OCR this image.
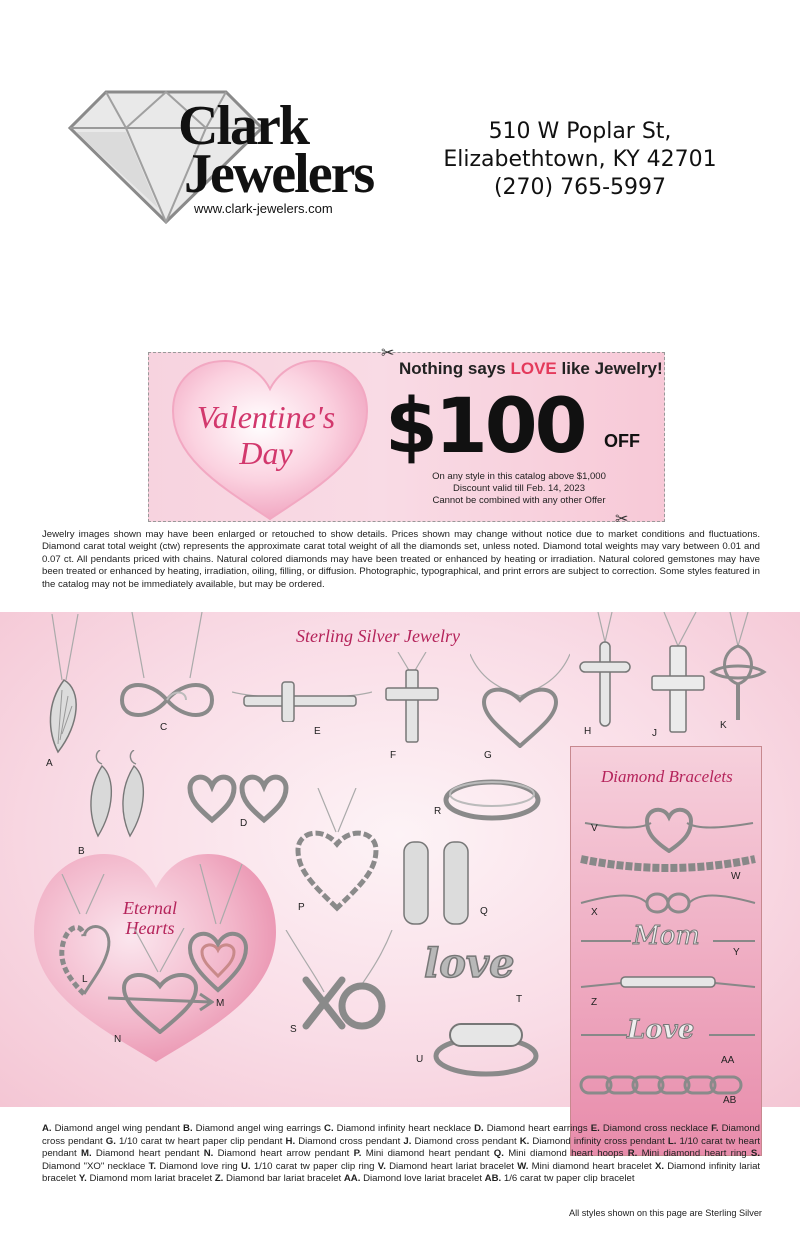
Clark
Jewelers
www.clark-jewelers.com
510 W Poplar St,
Elizabethtown, KY 42701
(270) 765-5997
Valentine's
Day
Nothing says LOVE like Jewelry!
$100 OFF
On any style in this catalog above $1,000
Discount valid till Feb. 14, 2023
Cannot be combined with any other Offer
✂
✂
Jewelry images shown may have been enlarged or retouched to show details. Prices shown may change without notice due to market conditions and fluctuations. Diamond carat total weight (ctw) represents the approximate carat total weight of all the diamonds set, unless noted. Diamond total weights may vary between 0.01 and 0.07 ct. All pendants priced with chains. Natural colored diamonds may have been treated or enhanced by heating or irradiation. Natural colored gemstones may have been treated or enhanced by heating, irradiation, oiling, filling, or diffusion. Photographic, typographical, and print errors are subject to correction. Some styles featured in the catalog may not be immediately available, but may be ordered.
Sterling Silver Jewelry
A
C	E
F	G
H	J
K
B
D
R
P	Q
Eternal
Hearts
L
N
M
S
love
T
U
Diamond Bracelets
V
W
X
Mom
Y
Z
Love
AA
AB
A. Diamond angel wing pendant B. Diamond angel wing earrings C. Diamond infinity heart necklace D. Diamond heart earrings E. Diamond cross necklace F. Diamond cross pendant G. 1/10 carat tw heart paper clip pendant H. Diamond cross pendant J. Diamond cross pendant K. Diamond infinity cross pendant L. 1/10 carat tw heart pendant M. Diamond heart pendant N. Diamond heart arrow pendant P. Mini diamond heart pendant Q. Mini diamond heart hoops R. Mini diamond heart ring S. Diamond "XO" necklace T. Diamond love ring U. 1/10 carat tw paper clip ring V. Diamond heart lariat bracelet W. Mini diamond heart bracelet X. Diamond infinity lariat bracelet Y. Diamond mom lariat bracelet Z. Diamond bar lariat bracelet AA. Diamond love lariat bracelet AB. 1/6 carat tw paper clip bracelet
All styles shown on this page are Sterling Silver
